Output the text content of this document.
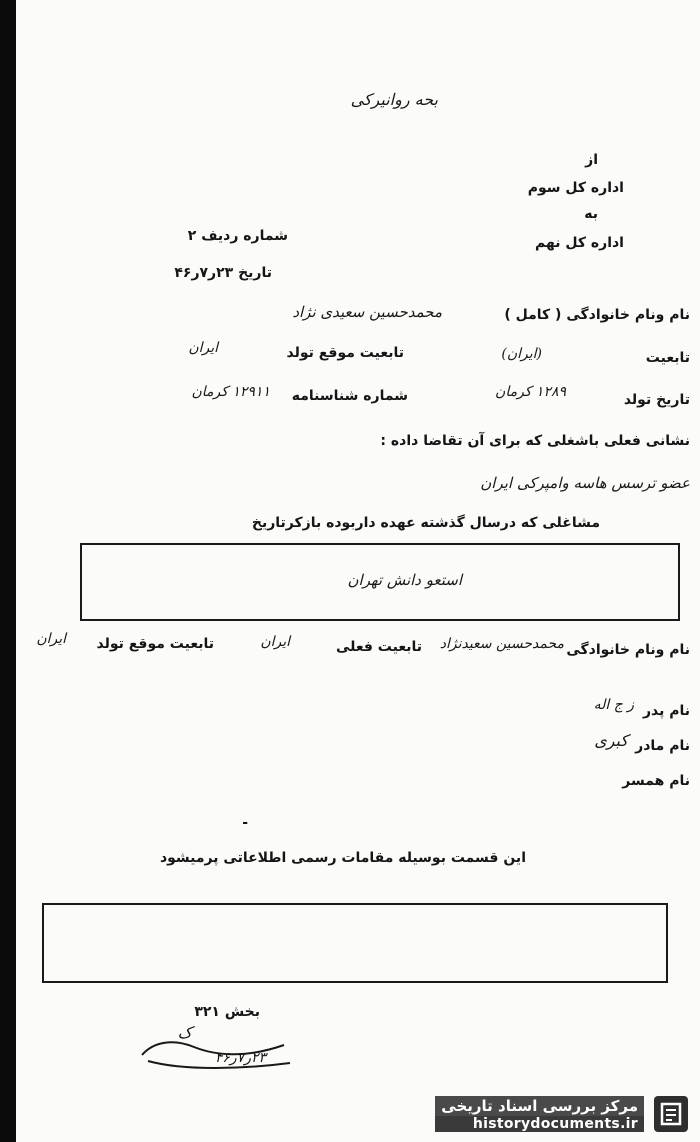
بحه روانیرکی
از
اداره کل سوم
به
شماره ردیف ۲	اداره کل نهم
تاریخ ۲۳ر۷ر۴۶
نام ونام خانوادگی ( کامل )
محمدحسین سعیدی نژاد
تابعیت
(ایران)
تابعیت موقع تولد
ایران
تاریخ تولد
۱۲۸۹ کرمان
شماره شناسنامه
۱۲۹۱۱ کرمان
نشانی فعلی باشغلی که برای آن تقاضا داده :
عضو ترسس هاسه وامپرکی ایران
مشاغلی که درسال گذشته عهده داربوده بازکرتاریخ
استعو دانش تهران
نام ونام خانوادگی
محمدحسین سعیدنژاد
تابعیت فعلی
ایران
تابعیت موقع تولد
ایران
نام پدر
ز ج اله
نام مادر
کبری
نام همسر
-
این قسمت بوسیله مقامات رسمی اطلاعاتی پرمیشود
بخش ۳۲۱
ک
۲۳ر۷ر۴۶
مرکز بررسی اسناد تاریخی
historydocuments.ir
